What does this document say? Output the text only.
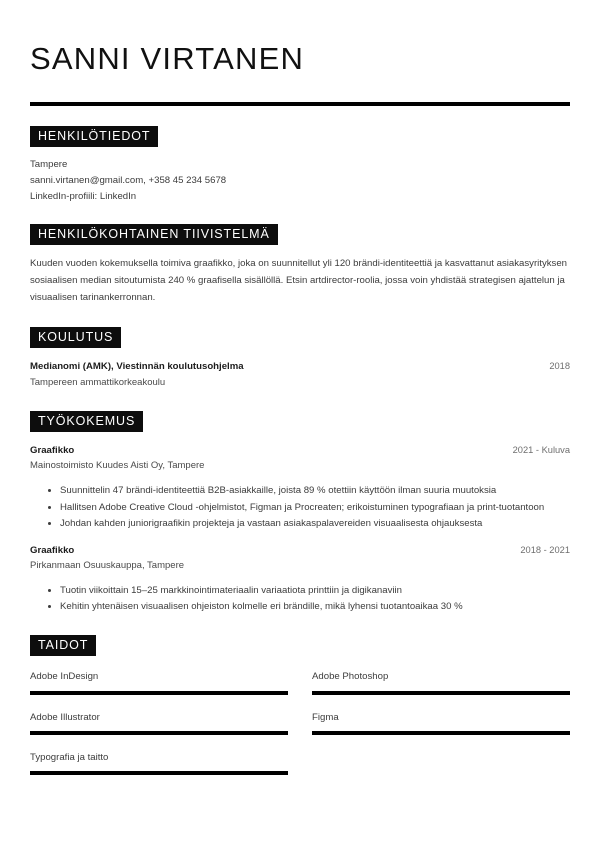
SANNI VIRTANEN
HENKILÖTIEDOT
Tampere
sanni.virtanen@gmail.com, +358 45 234 5678
LinkedIn-profiili: LinkedIn
HENKILÖKOHTAINEN TIIVISTELMÄ
Kuuden vuoden kokemuksella toimiva graafikko, joka on suunnitellut yli 120 brändi-identiteettiä ja kasvattanut asiakasyrityksen sosiaalisen median sitoutumista 240 % graafisella sisällöllä. Etsin artdirector-roolia, jossa voin yhdistää strategisen ajattelun ja visuaalisen tarinankerronnan.
KOULUTUS
Medianomi (AMK), Viestinnän koulutusohjelma	2018
Tampereen ammattikorkeakoulu
TYÖKOKEMUS
Graafikko	2021 - Kuluva
Mainostoimisto Kuudes Aisti Oy, Tampere
Suunnittelin 47 brändi-identiteettiä B2B-asiakkaille, joista 89 % otettiin käyttöön ilman suuria muutoksia
Hallitsen Adobe Creative Cloud -ohjelmistot, Figman ja Procreaten; erikoistuminen typografiaan ja print-tuotantoon
Johdan kahden juniorigraafikin projekteja ja vastaan asiakaspalavereiden visuaalisesta ohjauksesta
Graafikko	2018 - 2021
Pirkanmaan Osuuskauppa, Tampere
Tuotin viikoittain 15–25 markkinointimateriaalin variaatiota printtiin ja digikanaviin
Kehitin yhtenäisen visuaalisen ohjeiston kolmelle eri brändille, mikä lyhensi tuotantoaikaa 30 %
TAIDOT
Adobe InDesign	Adobe Photoshop
Adobe Illustrator	Figma
Typografia ja taitto
